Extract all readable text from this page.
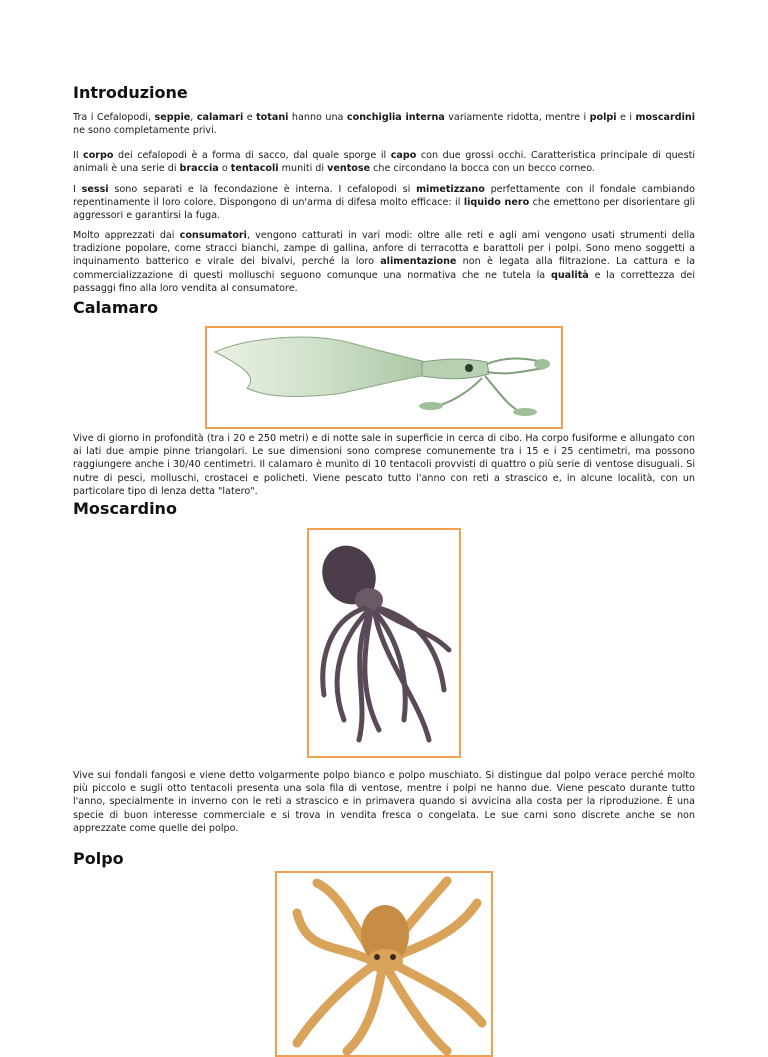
Introduzione

Tra i Cefalopodi, seppie, calamari e totani hanno una conchiglia interna variamente ridotta, mentre i polpi e i moscardini ne sono completamente privi.

Il corpo dei cefalopodi è a forma di sacco, dal quale sporge il capo con due grossi occhi. Caratteristica principale di questi animali è una serie di braccia o tentacoli muniti di ventose che circondano la bocca con un becco corneo.

I sessi sono separati e la fecondazione è interna. I cefalopodi si mimetizzano perfettamente con il fondale cambiando repentinamente il loro colore. Dispongono di un'arma di difesa molto efficace: il liquido nero che emettono per disorientare gli aggressori e garantirsi la fuga.

Molto apprezzati dai consumatori, vengono catturati in vari modi: oltre alle reti e agli ami vengono usati strumenti della tradizione popolare, come stracci bianchi, zampe di gallina, anfore di terracotta e barattoli per i polpi. Sono meno soggetti a inquinamento batterico e virale dei bivalvi, perché la loro alimentazione non è legata alla filtrazione. La cattura e la commercializzazione di questi molluschi seguono comunque una normativa che ne tutela la qualità e la correttezza dei passaggi fino alla loro vendita al consumatore.

Calamaro

Vive di giorno in profondità (tra i 20 e 250 metri) e di notte sale in superficie in cerca di cibo. Ha corpo fusiforme e allungato con ai lati due ampie pinne triangolari. Le sue dimensioni sono comprese comunemente tra i 15 e i 25 centimetri, ma possono raggiungere anche i 30/40 centimetri. Il calamaro è munito di 10 tentacoli provvisti di quattro o più serie di ventose disuguali. Si nutre di pesci, molluschi, crostacei e policheti. Viene pescato tutto l'anno con reti a strascico e, in alcune località, con un particolare tipo di lenza detta "latero".

Moscardino

Vive sui fondali fangosi e viene detto volgarmente polpo bianco e polpo muschiato. Si distingue dal polpo verace perché molto più piccolo e sugli otto tentacoli presenta una sola fila di ventose, mentre i polpi ne hanno due. Viene pescato durante tutto l'anno, specialmente in inverno con le reti a strascico e in primavera quando si avvicina alla costa per la riproduzione. È una specie di buon interesse commerciale e si trova in vendita fresca o congelata. Le sue carni sono discrete anche se non apprezzate come quelle dei polpo.

Polpo
